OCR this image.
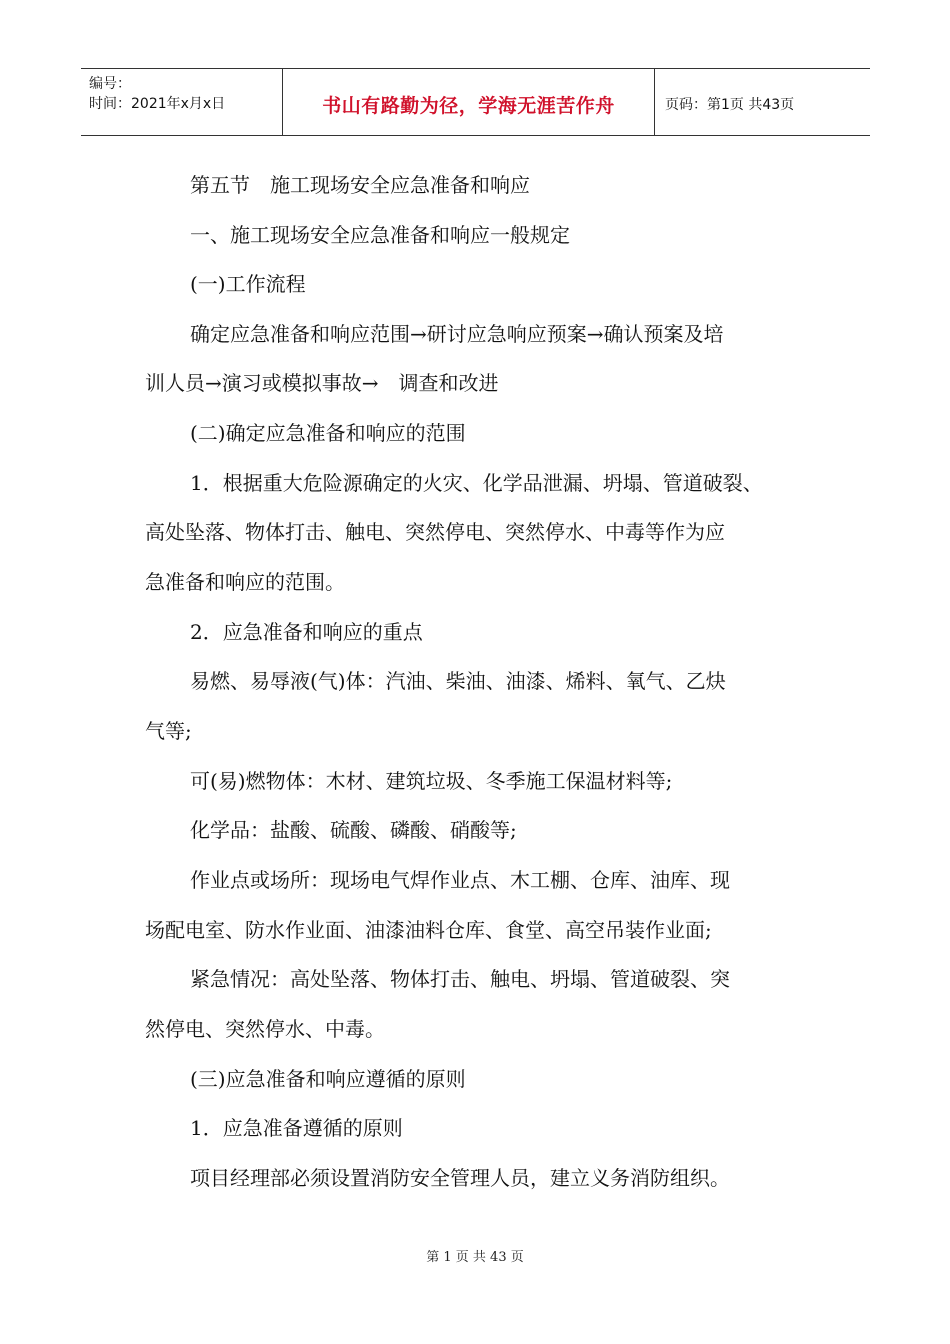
编号：
时间：2021年x月x日	书山有路勤为径，学海无涯苦作舟	页码：第1页 共43页
第五节　施工现场安全应急准备和响应
一、施工现场安全应急准备和响应一般规定
(一)工作流程
确定应急准备和响应范围→研讨应急响应预案→确认预案及培
训人员→演习或模拟事故→　调查和改进
(二)确定应急准备和响应的范围
1．根据重大危险源确定的火灾、化学品泄漏、坍塌、管道破裂、
高处坠落、物体打击、触电、突然停电、突然停水、中毒等作为应
急准备和响应的范围。
2．应急准备和响应的重点
易燃、易辱液(气)体：汽油、柴油、油漆、烯料、氧气、乙炔
气等;
可(易)燃物体：木材、建筑垃圾、冬季施工保温材料等;
化学品：盐酸、硫酸、磷酸、硝酸等;
作业点或场所：现场电气焊作业点、木工棚、仓库、油库、现
场配电室、防水作业面、油漆油料仓库、食堂、高空吊装作业面;
紧急情况：高处坠落、物体打击、触电、坍塌、管道破裂、突
然停电、突然停水、中毒。
(三)应急准备和响应遵循的原则
1．应急准备遵循的原则
项目经理部必须设置消防安全管理人员，建立义务消防组织。
第 1 页 共 43 页
